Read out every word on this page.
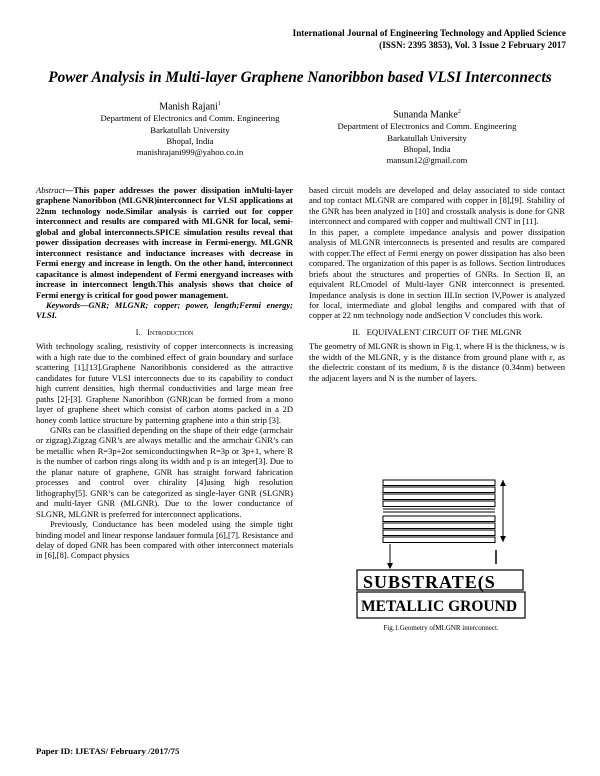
International Journal of Engineering Technology and Applied Science
(ISSN: 2395 3853), Vol. 3 Issue 2 February 2017
Power Analysis in Multi-layer Graphene Nanoribbon based VLSI Interconnects
Manish Rajani$^1$
Department of Electronics and Comm. Engineering
Barkatullah University
Bhopal, India
manishrajani999@yahoo.co.in
Sunanda Manke$^2$
Department of Electronics and Comm. Engineering
Barkatullah University
Bhopal, India
mansun12@gmail.com

Abstract—This paper addresses the power dissipation inMulti-layer graphene Nanoribbon (MLGNR)interconnect for VLSI applications at 22nm technology node.Similar analysis is carried out for copper interconnect and results are compared with MLGNR for local, semi-global and global interconnects.SPICE simulation results reveal that power dissipation decreases with increase in Fermi-energy. MLGNR interconnect resistance and inductance increases with decrease in Fermi energy and increase in length. On the other hand, interconnect capacitance is almost independent of Fermi energyand increases with increase in interconnect length.This analysis shows that choice of Fermi energy is critical for good power management.

Keywords—GNR; MLGNR; copper; power, length;Fermi energy; VLSI.

I. Introduction

With technology scaling, resistivity of copper interconnects is increasing with a high rate due to the combined effect of grain boundary and surface scattering [1],[13].Graphene Nanoribbonis considered as the attractive candidates for future VLSI interconnects due to its capability to conduct high current densities, high thermal conductivities and large mean free paths [2]-[3]. Graphene Nanoribbon (GNR)can be formed from a mono layer of graphene sheet which consist of carbon atoms packed in a 2D honey comb lattice structure by patterning graphene into a thin strip [3].

GNRs can be classified depending on the shape of their edge (armchair or zigzag).Zigzag GNR’s are always metallic and the armchair GNR’s can be metallic when R=3p+2or semiconductingwhen R=3p or 3p+1, where R is the number of carbon rings along its width and p is an integer[3]. Due to the planar nature of graphene, GNR has straight forward fabrication processes and control over chirality [4]using high resolution lithography[5]. GNR’s can be categorized as single-layer GNR (SLGNR) and multi-layer GNR (MLGNR). Due to the lower conductance of SLGNR, MLGNR is preferred for interconnect applications.

Previously, Conductance has been modeled using the simple tight binding model and linear response landauer formula [6],[7]. Resistance and delay of doped GNR has been compared with other interconnect materials in [6],[8]. Compact physics

based circuit models are developed and delay associated to side contact and top contact MLGNR are compared with copper in [8],[9]. Stability of the GNR has been analyzed in [10] and crosstalk analysis is done for GNR interconnect and compared with copper and multiwall CNT in [11].

In this paper, a complete impedance analysis and power dissipation analysis of MLGNR interconnects is presented and results are compared with copper.The effect of Fermi energy on power dissipation has also been compared. The organization of this paper is as follows. Section Iintroduces briefs about the structures and properties of GNRs. In Section II, an equivalent RLCmodel of Multi-layer GNR interconnect is presented. Impedance analysis is done in section III.In section IV,Power is analyzed for local, intermediate and global lengths and compared with that of copper at 22 nm technology node andSection V concludes this work.

II. EQUIVALENT CIRCUIT OF THE MLGNR

The geometry of MLGNR is shown in Fig.1, where H is the thickness, w is the width of the MLGNR, y is the distance from ground plane with ε, as the dielectric constant of its medium, δ is the distance (0.34nm) between the adjacent layers and N is the number of layers.

SUBSTRATE(S
METALLIC GROUND
Fig.1.Geometry ofMLGNR interconnect.
Paper ID: IJETAS/ February /2017/75
